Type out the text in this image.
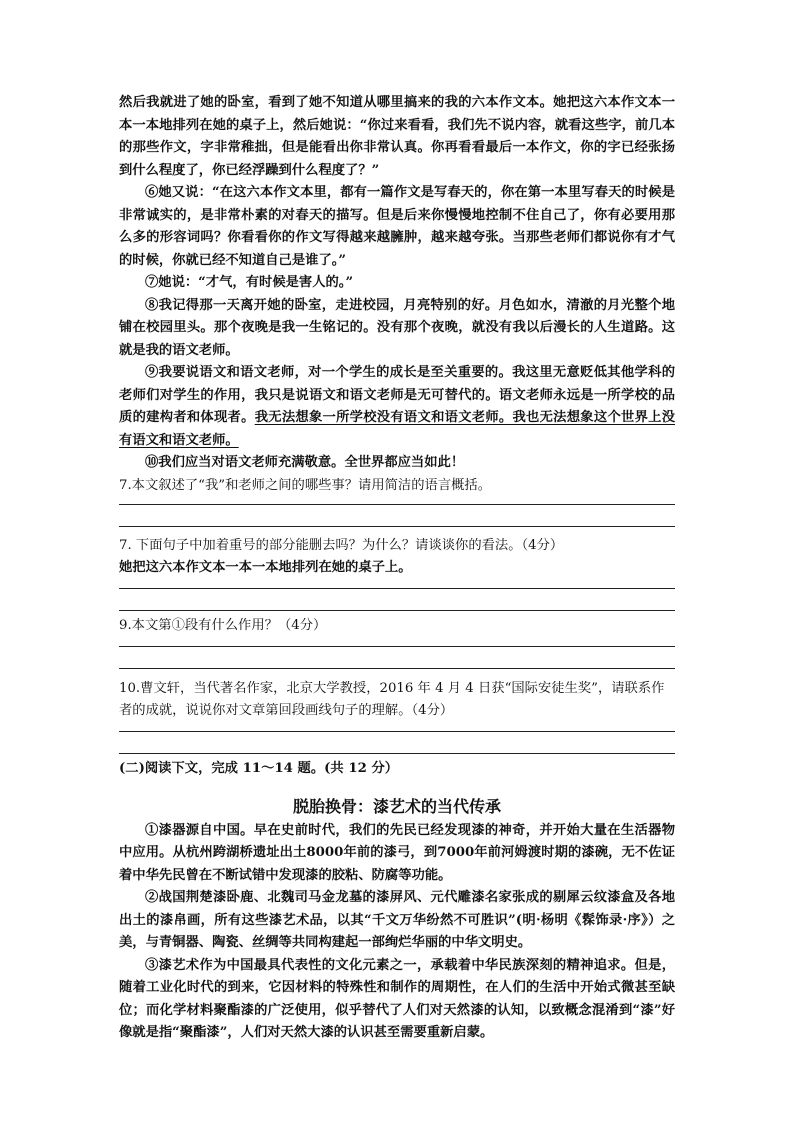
然后我就进了她的卧室，看到了她不知道从哪里搞来的我的六本作文本。她把这六本作文本一本一本地排列在她的桌子上，然后她说：“你过来看看，我们先不说内容，就看这些字，前几本的那些作文，字非常稚拙，但是能看出你非常认真。你再看看最后一本作文，你的字已经张扬到什么程度了，你已经浮躁到什么程度了？”

⑥她又说：“在这六本作文本里，都有一篇作文是写春天的，你在第一本里写春天的时候是非常诚实的，是非常朴素的对春天的描写。但是后来你慢慢地控制不住自己了，你有必要用那么多的形容词吗？你看看你的作文写得越来越臃肿，越来越夸张。当那些老师们都说你有才气的时候，你就已经不知道自己是谁了。”

⑦她说：“才气，有时候是害人的。”

⑧我记得那一天离开她的卧室，走进校园，月亮特别的好。月色如水，清澈的月光整个地铺在校园里头。那个夜晚是我一生铭记的。没有那个夜晚，就没有我以后漫长的人生道路。这就是我的语文老师。

⑨我要说语文和语文老师，对一个学生的成长是至关重要的。我这里无意贬低其他学科的老师们对学生的作用，我只是说语文和语文老师是无可替代的。语文老师永远是一所学校的品质的建构者和体现者。我无法想象一所学校没有语文和语文老师。我也无法想象这个世界上没有语文和语文老师。

⑩我们应当对语文老师充满敬意。全世界都应当如此！

7.本文叙述了“我”和老师之间的哪些事？请用简洁的语言概括。

7. 下面句子中加着重号的部分能删去吗？为什么？请谈谈你的看法。（4分）

她把这六本作文本一本一本地排列在她的桌子上。

9.本文第①段有什么作用？（4分）

10.曹文轩，当代著名作家，北京大学教授，2016 年 4 月 4 日获“国际安徒生奖”，请联系作者的成就，说说你对文章第回段画线句子的理解。（4分）

(二)阅读下文，完成 11～14 题。(共 12 分）

脱胎换骨：漆艺术的当代传承

①漆器源自中国。早在史前时代，我们的先民已经发现漆的神奇，并开始大量在生活器物中应用。从杭州跨湖桥遗址出土8000年前的漆弓，到7000年前河姆渡时期的漆碗，无不佐证着中华先民曾在不断试错中发现漆的胶粘、防腐等功能。

②战国荆楚漆卧鹿、北魏司马金龙墓的漆屏风、元代雕漆名家张成的剔犀云纹漆盒及各地出土的漆帛画，所有这些漆艺术品，以其“千文万华纷然不可胜识”(明·杨明《髹饰录·序》）之美，与青铜器、陶瓷、丝绸等共同构建起一部绚烂华丽的中华文明史。

③漆艺术作为中国最具代表性的文化元素之一，承载着中华民族深刻的精神追求。但是，随着工业化时代的到来，它因材料的特殊性和制作的周期性，在人们的生活中开始式微甚至缺位；而化学材料聚酯漆的广泛使用，似乎替代了人们对天然漆的认知，以致概念混淆到“漆”好像就是指“聚酯漆”，人们对天然大漆的认识甚至需要重新启蒙。
